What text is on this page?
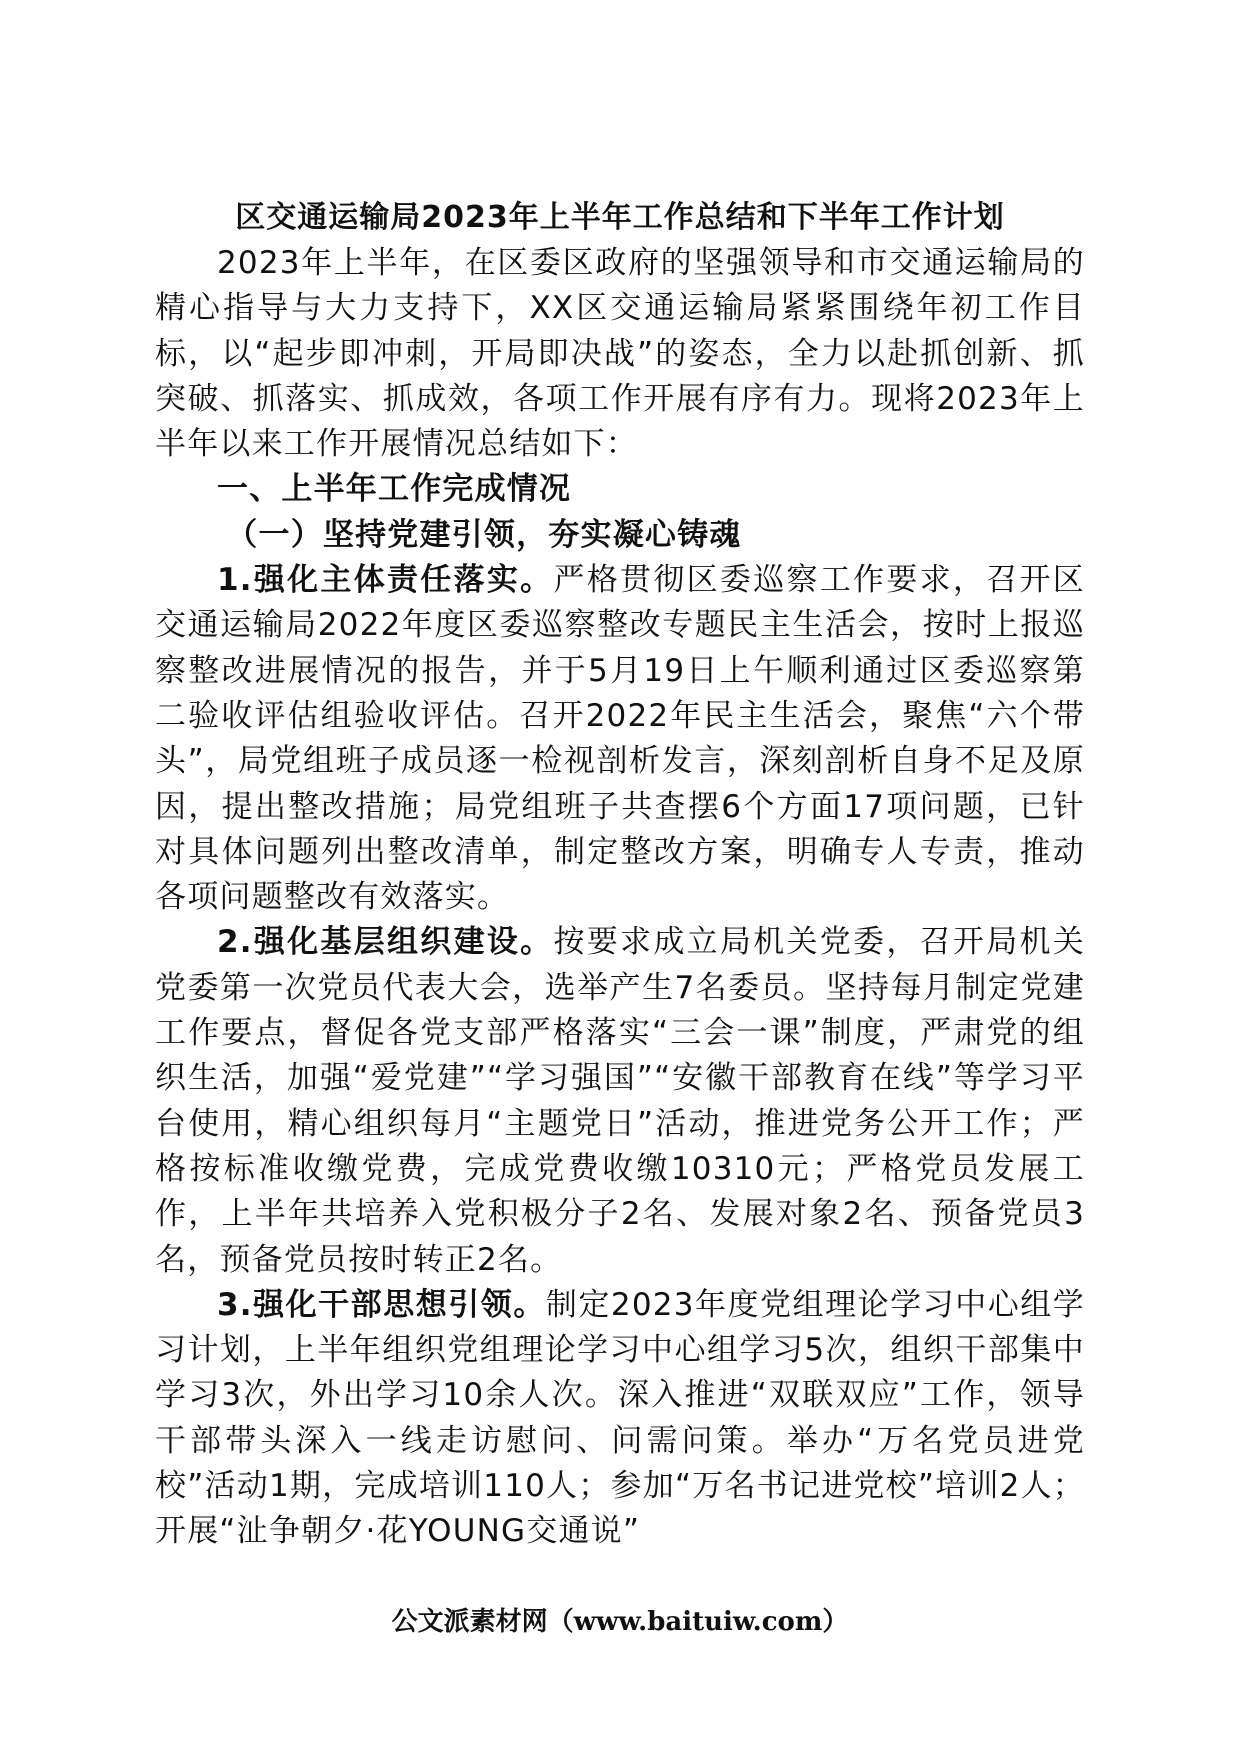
区交通运输局2023年上半年工作总结和下半年工作计划

2023年上半年，在区委区政府的坚强领导和市交通运输局的精心指导与大力支持下，XX区交通运输局紧紧围绕年初工作目标，以“起步即冲刺，开局即决战”的姿态，全力以赴抓创新、抓突破、抓落实、抓成效，各项工作开展有序有力。现将2023年上半年以来工作开展情况总结如下：

一、上半年工作完成情况

（一）坚持党建引领，夯实凝心铸魂

1.强化主体责任落实。严格贯彻区委巡察工作要求，召开区交通运输局2022年度区委巡察整改专题民主生活会，按时上报巡察整改进展情况的报告，并于5月19日上午顺利通过区委巡察第二验收评估组验收评估。召开2022年民主生活会，聚焦“六个带头”，局党组班子成员逐一检视剖析发言，深刻剖析自身不足及原因，提出整改措施；局党组班子共查摆6个方面17项问题，已针对具体问题列出整改清单，制定整改方案，明确专人专责，推动各项问题整改有效落实。

2.强化基层组织建设。按要求成立局机关党委，召开局机关党委第一次党员代表大会，选举产生7名委员。坚持每月制定党建工作要点，督促各党支部严格落实“三会一课”制度，严肃党的组织生活，加强“爱党建”“学习强国”“安徽干部教育在线”等学习平台使用，精心组织每月“主题党日”活动，推进党务公开工作；严格按标准收缴党费，完成党费收缴10310元；严格党员发展工作，上半年共培养入党积极分子2名、发展对象2名、预备党员3名，预备党员按时转正2名。

3.强化干部思想引领。制定2023年度党组理论学习中心组学习计划，上半年组织党组理论学习中心组学习5次，组织干部集中学习3次，外出学习10余人次。深入推进“双联双应”工作，领导干部带头深入一线走访慰问、问需问策。举办“万名党员进党校”活动1期，完成培训110人；参加“万名书记进党校”培训2人；开展“沚争朝夕·花YOUNG交通说”

公文派素材网（www.baituiw.com）
